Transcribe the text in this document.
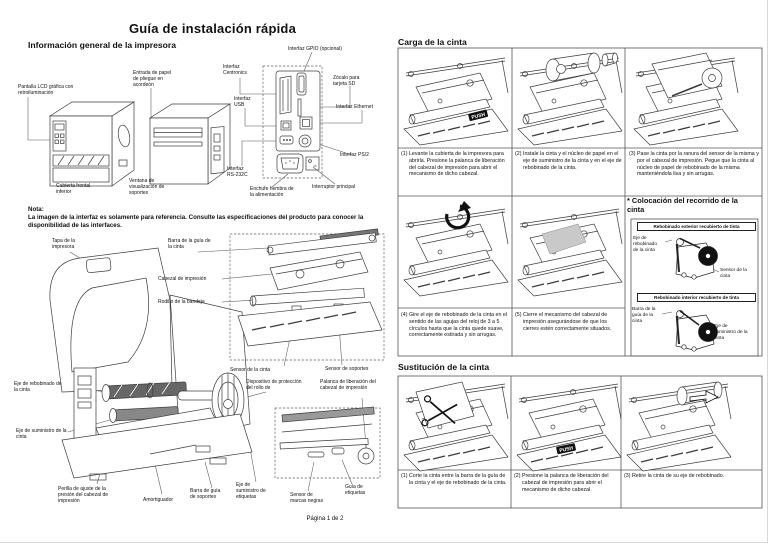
PUSH
PUSH
Guía de instalación rápida
Información general de la impresora
Pantalla LCD gráfica con retroiluminación
Cubierta frontal inferior
Entrada de papel de pliegue en acordeón
Ventana de visualización de soportes
Interfaz Centronics
Interfaz USB
Interfaz RS-232C
Interfaz GPIO (opcional)
Zócalo para tarjeta SD
Interfaz Ethernet
Interfaz PS/2
Enchufe hembra de la alimentación
Interruptor principal
Nota:
La imagen de la interfaz es solamente para referencia. Consulte las especificaciones del producto para conocer la disponibilidad de las interfaces.
Tapa de la impresora
Barra de la guía de la cinta
Cabezal de impresión
Rodillo de la bandeja
Sensor de la cinta	Sensor de soportes
Eje de rebobinado de la cinta
Eje de suministro de la cinta
Dispositivo de protección del rollo de
Palanca de liberación del cabezal de impresión
Perilla de ajuste de la presión del cabezal de impresión	Amortiguador
Barra de guía de soportes
Eje de suministro de etiquetas	Sensor de marcas negras
Guía de etiquetas
Carga de la cinta
(1) Levante la cubierta de la impresora para abrirla. Presione la palanca de liberación del cabezal de impresión para abrir el mecanismo de dicho cabezal.
(2) Instale la cinta y el núcleo de papel en el eje de suministro de la cinta y en el eje de rebobinado de la cinta.
(3) Pase la cinta por la ranura del sensor de la misma y por el cabezal de impresión. Pegue que la cinta al núcleo de papel de rebobinado de la misma manteniéndola lisa y sin arrugas.
(4) Gire el eje de rebobinado de la cinta en el sentido de las agujas del reloj de 3 a 5 círculos hasta que la cinta quede suave, correctamente estirada y sin arrugas.
(5) Cierre el mecanismo del cabezal de impresión asegurándose de que los cierres estén correctamente situados.
* Colocación del recorrido de la cinta
Rebobinado exterior recubierto de tinta
Rebobinado interior recubierto de tinta
Eje de rebobinado de la cinta
Sensor de la cinta
Barra de la guía de la cinta
Eje de suministro de la cinta
Sustitución de la cinta
(1) Corte la cinta entre la barra de la guía de la cinta y el eje de rebobinado de la cinta.
(2) Presione la palanca de liberación del cabezal de impresión para abrir el mecanismo de dicho cabezal.
(3) Retire la cinta de su eje de rebobinado.
Página 1 de 2
